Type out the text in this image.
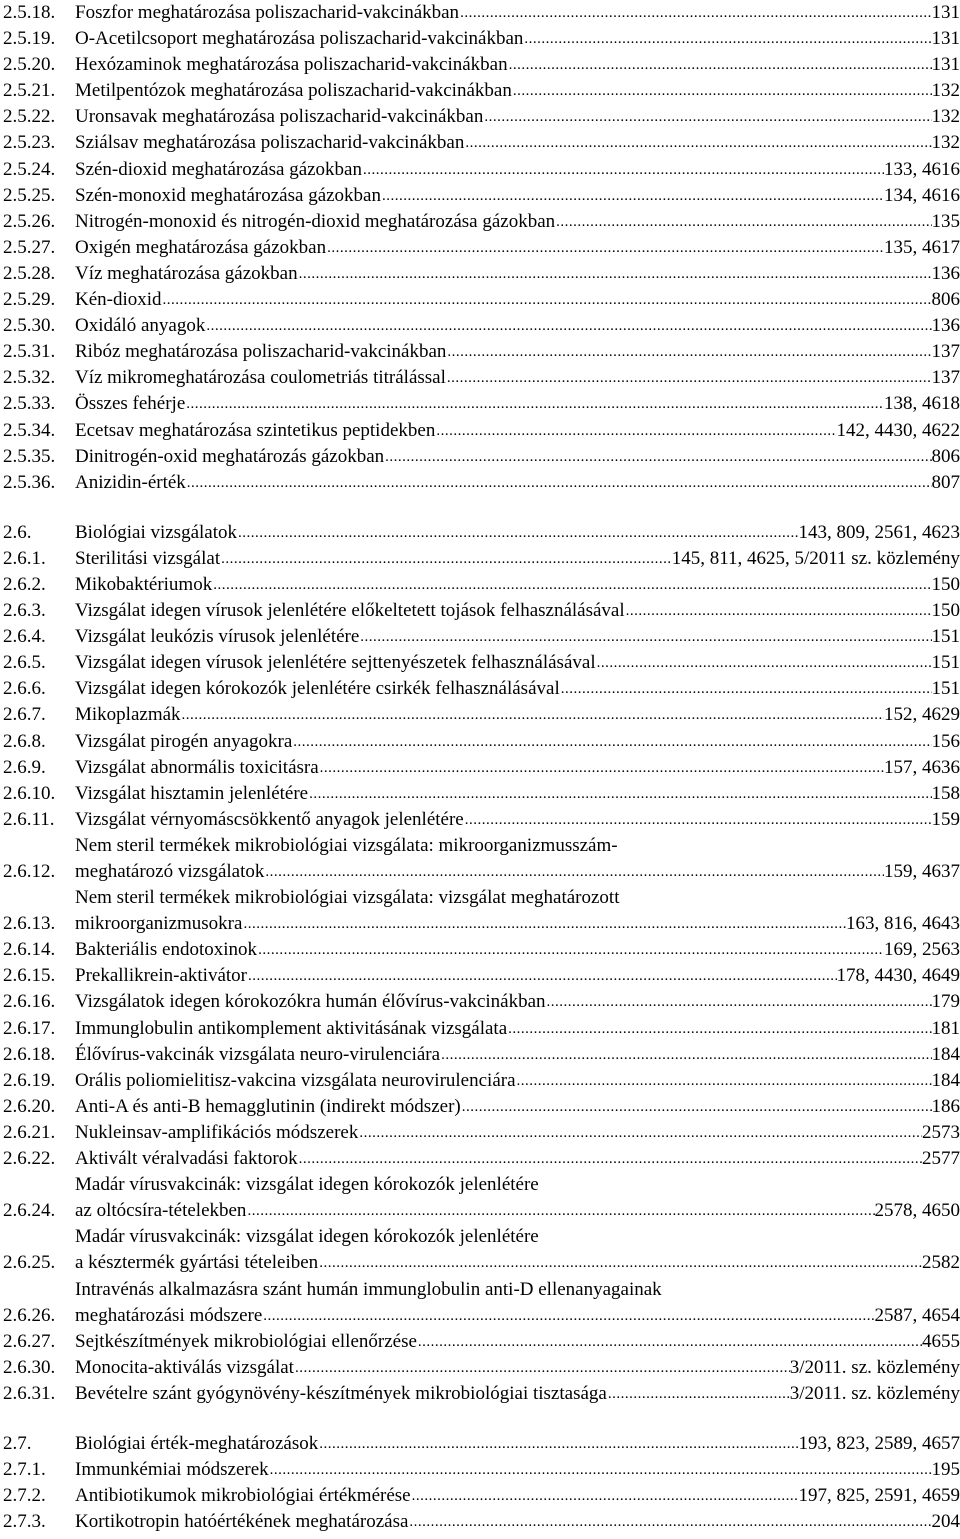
2.5.18.	Foszfor meghatározása poliszacharid-vakcinákban .....	131
2.5.19.	O-Acetilcsoport meghatározása poliszacharid-vakcinákban .....	131
2.5.20.	Hexózaminok meghatározása poliszacharid-vakcinákban .....	131
2.5.21.	Metilpentózok meghatározása poliszacharid-vakcinákban .....	132
2.5.22.	Uronsavak meghatározása poliszacharid-vakcinákban .....	132
2.5.23.	Sziálsav meghatározása poliszacharid-vakcinákban .....	132
2.5.24.	Szén-dioxid meghatározása gázokban .....	133, 4616
2.5.25.	Szén-monoxid meghatározása gázokban .....	134, 4616
2.5.26.	Nitrogén-monoxid és nitrogén-dioxid meghatározása gázokban .....	135
2.5.27.	Oxigén meghatározása gázokban .....	135, 4617
2.5.28.	Víz meghatározása gázokban .....	136
2.5.29.	Kén-dioxid .....	806
2.5.30.	Oxidáló anyagok .....	136
2.5.31.	Ribóz meghatározása poliszacharid-vakcinákban .....	137
2.5.32.	Víz mikromeghatározása coulometriás titrálással .....	137
2.5.33.	Összes fehérje .....	138, 4618
2.5.34.	Ecetsav meghatározása szintetikus peptidekben .....	142, 4430, 4622
2.5.35.	Dinitrogén-oxid meghatározás gázokban .....	806
2.5.36.	Anizidin-érték .....	807
2.6.	Biológiai vizsgálatok .....	143, 809, 2561, 4623
2.6.1.	Sterilitási vizsgálat .....	145, 811, 4625, 5/2011 sz. közlemény
2.6.2.	Mikobaktériumok .....	150
2.6.3.	Vizsgálat idegen vírusok jelenlétére előkeltetett tojások felhasználásával .....	150
2.6.4.	Vizsgálat leukózis vírusok jelenlétére .....	151
2.6.5.	Vizsgálat idegen vírusok jelenlétére sejttenyészetek felhasználásával .....	151
2.6.6.	Vizsgálat idegen kórokozók jelenlétére csirkék felhasználásával .....	151
2.6.7.	Mikoplazmák .....	152, 4629
2.6.8.	Vizsgálat pirogén anyagokra .....	156
2.6.9.	Vizsgálat abnormális toxicitásra .....	157, 4636
2.6.10.	Vizsgálat hisztamin jelenlétére .....	158
2.6.11.	Vizsgálat vérnyomáscsökkentő anyagok jelenlétére .....	159
2.6.12.
Nem steril termékek mikrobiológiai vizsgálata: mikroorganizmusszám-
meghatározó vizsgálatok .....	159, 4637
2.6.13.
Nem steril termékek mikrobiológiai vizsgálata: vizsgálat meghatározott
mikroorganizmusokra .....	163, 816, 4643
2.6.14.	Bakteriális endotoxinok .....	169, 2563
2.6.15.	Prekallikrein-aktivátor .....	178, 4430, 4649
2.6.16.	Vizsgálatok idegen kórokozókra humán élővírus-vakcinákban .....	179
2.6.17.	Immunglobulin antikomplement aktivitásának vizsgálata .....	181
2.6.18.	Élővírus-vakcinák vizsgálata neuro-virulenciára .....	184
2.6.19.	Orális poliomielitisz-vakcina vizsgálata neurovirulenciára .....	184
2.6.20.	Anti-A és anti-B hemagglutinin (indirekt módszer) .....	186
2.6.21.	Nukleinsav-amplifikációs módszerek .....	2573
2.6.22.	Aktivált véralvadási faktorok .....	2577
2.6.24.
Madár vírusvakcinák: vizsgálat idegen kórokozók jelenlétére
az oltócsíra-tételekben .....	2578, 4650
2.6.25.
Madár vírusvakcinák: vizsgálat idegen kórokozók jelenlétére
a késztermék gyártási tételeiben .....	2582
2.6.26.
Intravénás alkalmazásra szánt humán immunglobulin anti-D ellenanyagainak
meghatározási módszere .....	2587, 4654
2.6.27.	Sejtkészítmények mikrobiológiai ellenőrzése .....	4655
2.6.30.	Monocita-aktiválás vizsgálat .....	3/2011. sz. közlemény
2.6.31.	Bevételre szánt gyógynövény-készítmények mikrobiológiai tisztasága .....	3/2011. sz. közlemény
2.7.	Biológiai érték-meghatározások .....	193, 823, 2589, 4657
2.7.1.	Immunkémiai módszerek .....	195
2.7.2.	Antibiotikumok mikrobiológiai értékmérése .....	197, 825, 2591, 4659
2.7.3.	Kortikotropin hatóértékének meghatározása .....	204
